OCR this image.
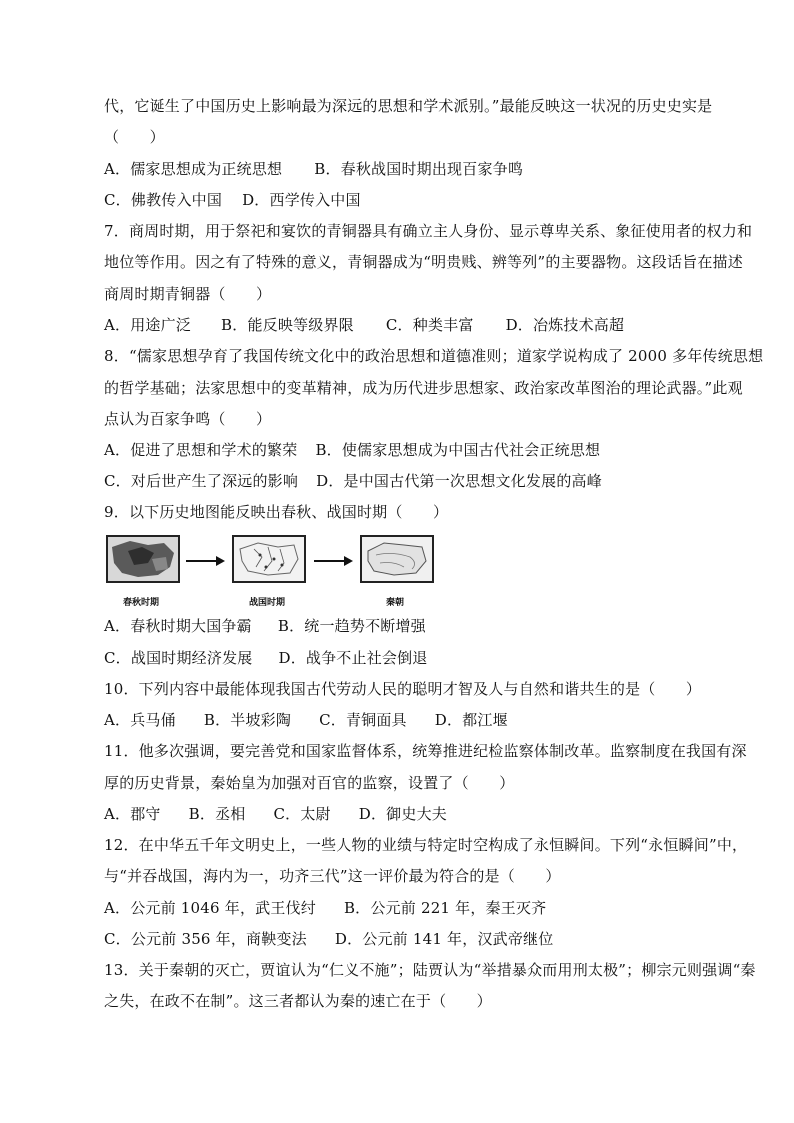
代，它诞生了中国历史上影响最为深远的思想和学术派别。”最能反映这一状况的历史史实是
（　　）
A．儒家思想成为正统思想 B．春秋战国时期出现百家争鸣
C．佛教传入中国 D．西学传入中国
7．商周时期，用于祭祀和宴饮的青铜器具有确立主人身份、显示尊卑关系、象征使用者的权力和
地位等作用。因之有了特殊的意义，青铜器成为“明贵贱、辨等列”的主要器物。这段话旨在描述
商周时期青铜器（　　）
A．用途广泛 B．能反映等级界限 C．种类丰富 D．冶炼技术高超
8．“儒家思想孕育了我国传统文化中的政治思想和道德准则；道家学说构成了 2000 多年传统思想
的哲学基础；法家思想中的变革精神，成为历代进步思想家、政治家改革图治的理论武器。”此观
点认为百家争鸣（　　）
A．促进了思想和学术的繁荣 B．使儒家思想成为中国古代社会正统思想
C．对后世产生了深远的影响 D．是中国古代第一次思想文化发展的高峰
9．以下历史地图能反映出春秋、战国时期（　　）
春秋时期	战国时期	秦朝
A．春秋时期大国争霸 B．统一趋势不断增强
C．战国时期经济发展 D．战争不止社会倒退
10．下列内容中最能体现我国古代劳动人民的聪明才智及人与自然和谐共生的是（　　）
A．兵马俑 B．半坡彩陶 C．青铜面具 D．都江堰
11．他多次强调，要完善党和国家监督体系，统筹推进纪检监察体制改革。监察制度在我国有深
厚的历史背景，秦始皇为加强对百官的监察，设置了（　　）
A．郡守 B．丞相 C．太尉 D．御史大夫
12．在中华五千年文明史上，一些人物的业绩与特定时空构成了永恒瞬间。下列“永恒瞬间”中，
与“并吞战国，海内为一，功齐三代”这一评价最为符合的是（　　）
A．公元前 1046 年，武王伐纣 B．公元前 221 年，秦王灭齐
C．公元前 356 年，商鞅变法 D．公元前 141 年，汉武帝继位
13．关于秦朝的灭亡，贾谊认为“仁义不施”；陆贾认为“举措暴众而用刑太极”；柳宗元则强调“秦
之失，在政不在制”。这三者都认为秦的速亡在于（　　）
